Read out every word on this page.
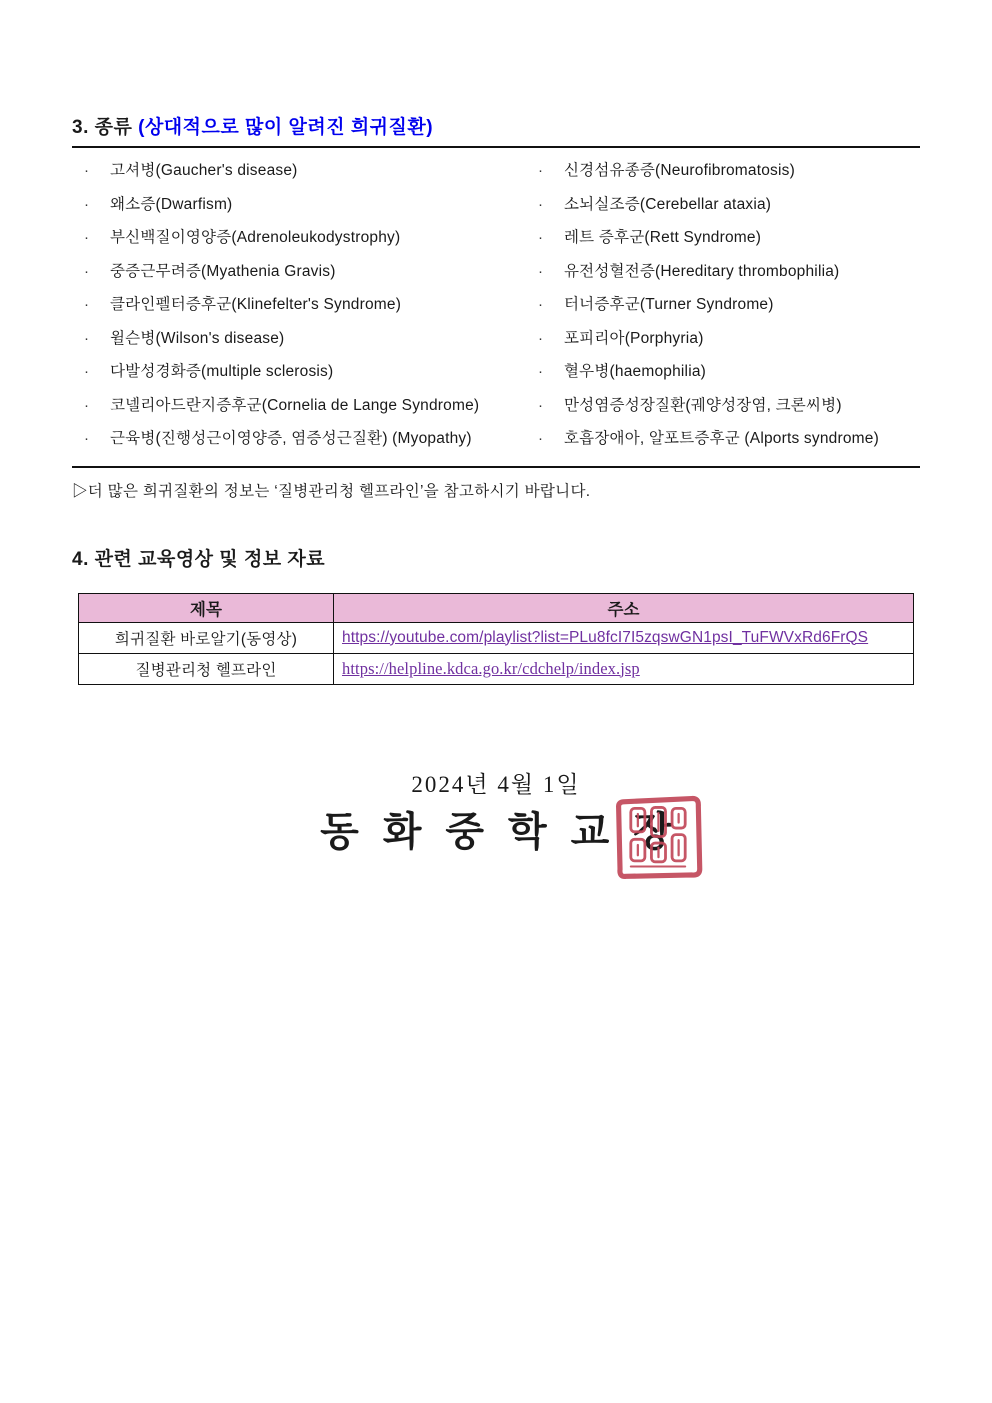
3. 종류 (상대적으로 많이 알려진 희귀질환)
·	고셔병(Gaucher's disease)
·	왜소증(Dwarfism)
·	부신백질이영양증(Adrenoleukodystrophy)
·	중증근무려증(Myathenia Gravis)
·	클라인펠터증후군(Klinefelter's Syndrome)
·	윌슨병(Wilson's disease)
·	다발성경화증(multiple sclerosis)
·	코넬리아드란지증후군(Cornelia de Lange Syndrome)
·	근육병(진행성근이영양증, 염증성근질환) (Myopathy)
·	신경섬유종증(Neurofibromatosis)
·	소뇌실조증(Cerebellar ataxia)
·	레트 증후군(Rett Syndrome)
·	유전성혈전증(Hereditary thrombophilia)
·	터너증후군(Turner Syndrome)
·	포피리아(Porphyria)
·	혈우병(haemophilia)
·	만성염증성장질환(궤양성장염, 크론씨병)
·	호흡장애아, 알포트증후군 (Alports syndrome)
▷더 많은 희귀질환의 정보는 ‘질병관리청 헬프라인’을 참고하시기 바랍니다.
4. 관련 교육영상 및 정보 자료
제목	주소
희귀질환 바로알기(동영상)	https://youtube.com/playlist?list=PLu8fcI7I5zqswGN1psI_TuFWVxRd6FrQS
질병관리청 헬프라인	https://helpline.kdca.go.kr/cdchelp/index.jsp
2024년 4월 1일
동화중학교장
